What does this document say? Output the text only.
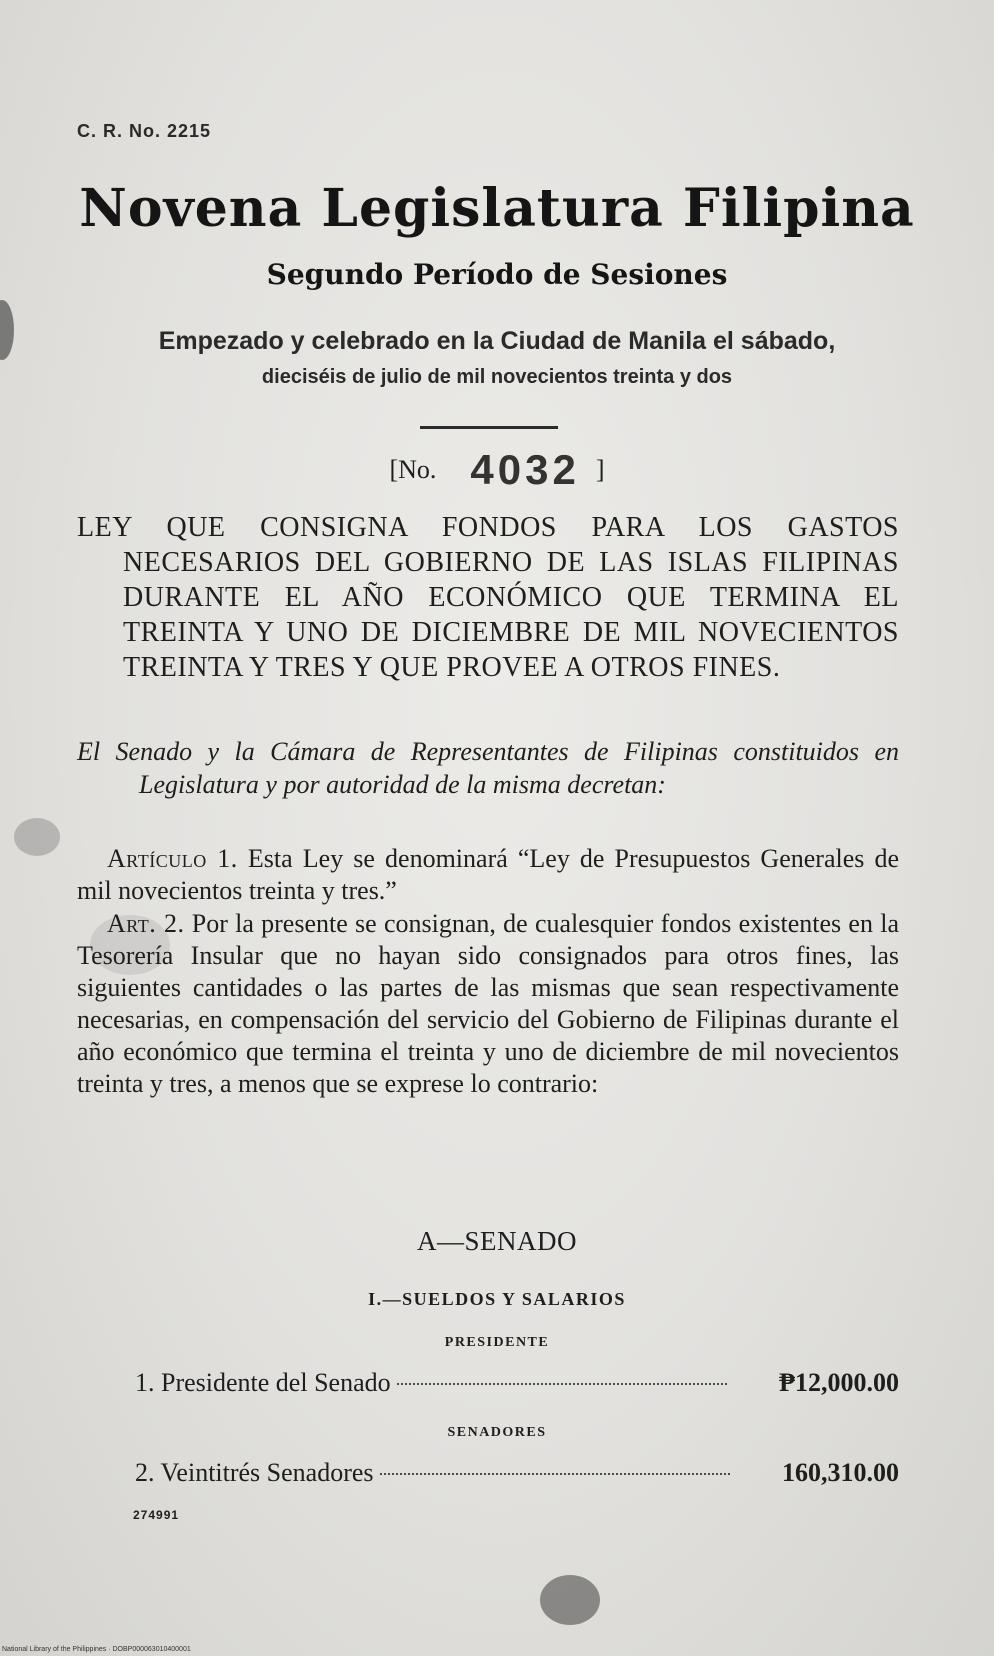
C. R. No. 2215

Novena Legislatura Filipina

Segundo Período de Sesiones

Empezado y celebrado en la Ciudad de Manila el sábado,

dieciséis de julio de mil novecientos treinta y dos

[No. 4032 ]

LEY QUE CONSIGNA FONDOS PARA LOS GASTOS NECESARIOS DEL GOBIERNO DE LAS ISLAS FILIPINAS DURANTE EL AÑO ECONÓMICO QUE TERMINA EL TREINTA Y UNO DE DICIEMBRE DE MIL NOVECIENTOS TREINTA Y TRES Y QUE PROVEE A OTROS FINES.

El Senado y la Cámara de Representantes de Filipinas constituidos en Legislatura y por autoridad de la misma decretan:

Artículo 1. Esta Ley se denominará “Ley de Presupuestos Generales de mil novecientos treinta y tres.”

Art. 2. Por la presente se consignan, de cualesquier fondos existentes en la Tesorería Insular que no hayan sido consignados para otros fines, las siguientes cantidades o las partes de las mismas que sean respectivamente necesarias, en compensación del servicio del Gobierno de Filipinas durante el año económico que termina el treinta y uno de diciembre de mil novecientos treinta y tres, a menos que se exprese lo contrario:

A—SENADO

I.—SUELDOS Y SALARIOS

PRESIDENTE

1. Presidente del Senado	₱12,000.00

SENADORES

2. Veintitrés Senadores	160,310.00

274991

National Library of the Philippines · DOBP000063010400001
